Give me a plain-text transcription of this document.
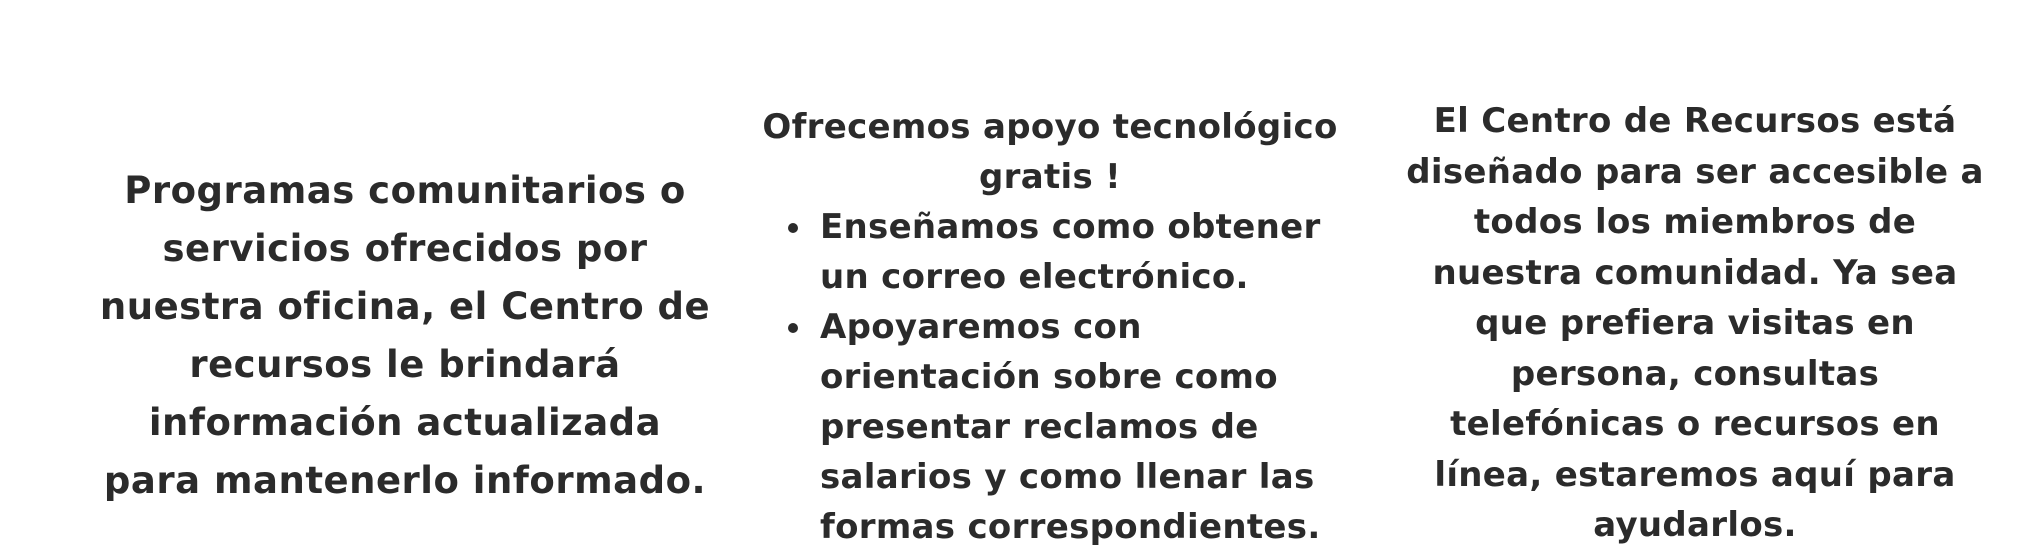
Programas comunitarios o servicios ofrecidos por nuestra oficina, el Centro de recursos le brindará información actualizada para mantenerlo informado.

Ofrecemos apoyo tecnológico gratis !

Enseñamos como obtener un correo electrónico.
Apoyaremos con orientación sobre como presentar reclamos de salarios y como llenar las formas correspondientes.

El Centro de Recursos está diseñado para ser accesible a todos los miembros de nuestra comunidad. Ya sea que prefiera visitas en persona, consultas telefónicas o recursos en línea, estaremos aquí para ayudarlos.
